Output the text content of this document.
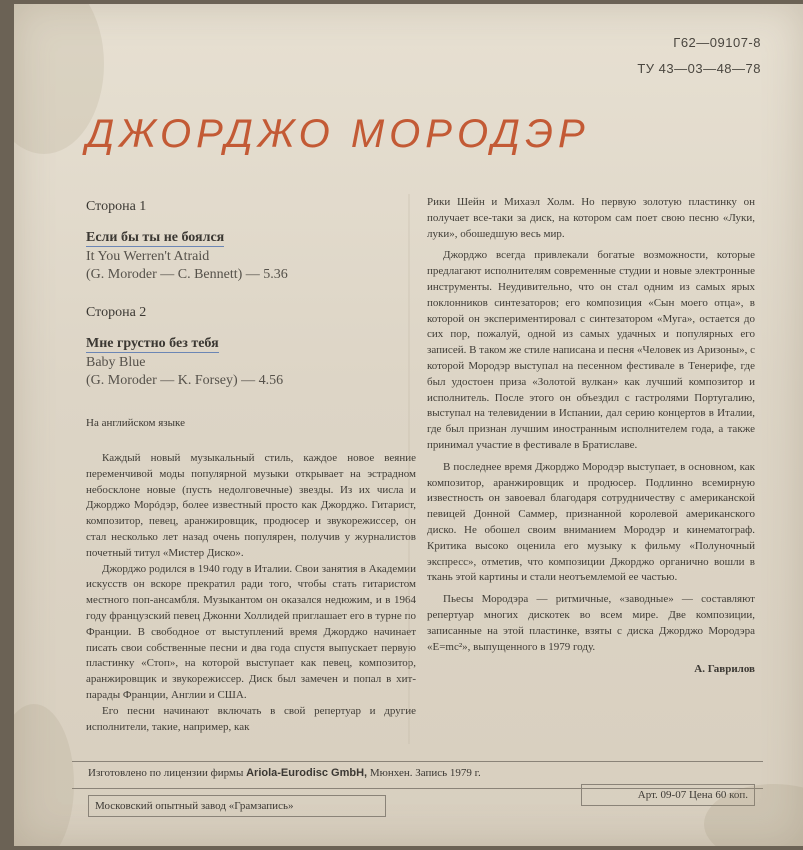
Г62—09107-8
ТУ 43—03—48—78
ДЖОРДЖО МОРОДЭР
Сторона 1
Если бы ты не боялся
It You Werren't Atraid
(G. Moroder — C. Bennett) — 5.36
Сторона 2
Мне грустно без тебя
Baby Blue
(G. Moroder — K. Forsey) — 4.56
На английском языке

Каждый новый музыкальный стиль, каждое новое веяние переменчивой моды популярной музыки открывает на эстрадном небосклоне новые (пусть недолговечные) звезды. Из их числа и Джорджо Морóдэр, более известный просто как Джорджо. Гитарист, композитор, певец, аранжировщик, продюсер и звукорежиссер, он стал несколько лет назад очень популярен, получив у журналистов почетный титул «Мистер Диско».

Джорджо родился в 1940 году в Италии. Свои занятия в Академии искусств он вскоре прекратил ради того, чтобы стать гитаристом местного поп-ансамбля. Музыкантом он оказался недюжим, и в 1964 году французский певец Джонни Холлидей приглашает его в турне по Франции. В свободное от выступлений время Джорджо начинает писать свои собственные песни и два года спустя выпускает первую пластинку «Стоп», на которой выступает как певец, композитор, аранжировщик и звукорежиссер. Диск был замечен и попал в хит-парады Франции, Англии и США.

Его песни начинают включать в свой репертуар и другие исполнители, такие, например, как

Рики Шейн и Михаэл Холм. Но первую золотую пластинку он получает все-таки за диск, на котором сам поет свою песню «Луки, луки», обошедшую весь мир.

Джорджо всегда привлекали богатые возможности, которые предлагают исполнителям современные студии и новые электронные инструменты. Неудивительно, что он стал одним из самых ярых поклонников синтезаторов; его композиция «Сын моего отца», в которой он экспериментировал с синтезатором «Муга», остается до сих пор, пожалуй, одной из самых удачных и популярных его записей. В таком же стиле написана и песня «Человек из Аризоны», с которой Мородэр выступал на песенном фестивале в Тенерифе, где был удостоен приза «Золотой вулкан» как лучший композитор и исполнитель. После этого он объездил с гастролями Португалию, выступал на телевидении в Испании, дал серию концертов в Италии, где был признан лучшим иностранным исполнителем года, а также принимал участие в фестивале в Братиславе.

В последнее время Джорджо Мородэр выступает, в основном, как композитор, аранжировщик и продюсер. Подлинно всемирную известность он завоевал благодаря сотрудничеству с американской певицей Донной Саммер, признанной королевой американского диско. Не обошел своим вниманием Мородэр и кинематограф. Критика высоко оценила его музыку к фильму «Полуночный экспресс», отметив, что композиции Джорджо органично вошли в ткань этой картины и стали неотъемлемой ее частью.

Пьесы Мородэра — ритмичные, «заводные» — составляют репертуар многих дискотек во всем мире. Две композиции, записанные на этой пластинке, взяты с диска Джорджо Мородэра «E=mc²», выпущенного в 1979 году.

А. Гаврилов
Изготовлено по лицензии фирмы Ariola-Eurodisc GmbH, Мюнхен. Запись 1979 г.
Московский опытный завод «Грамзапись»
Арт. 09-07 Цена 60 коп.
